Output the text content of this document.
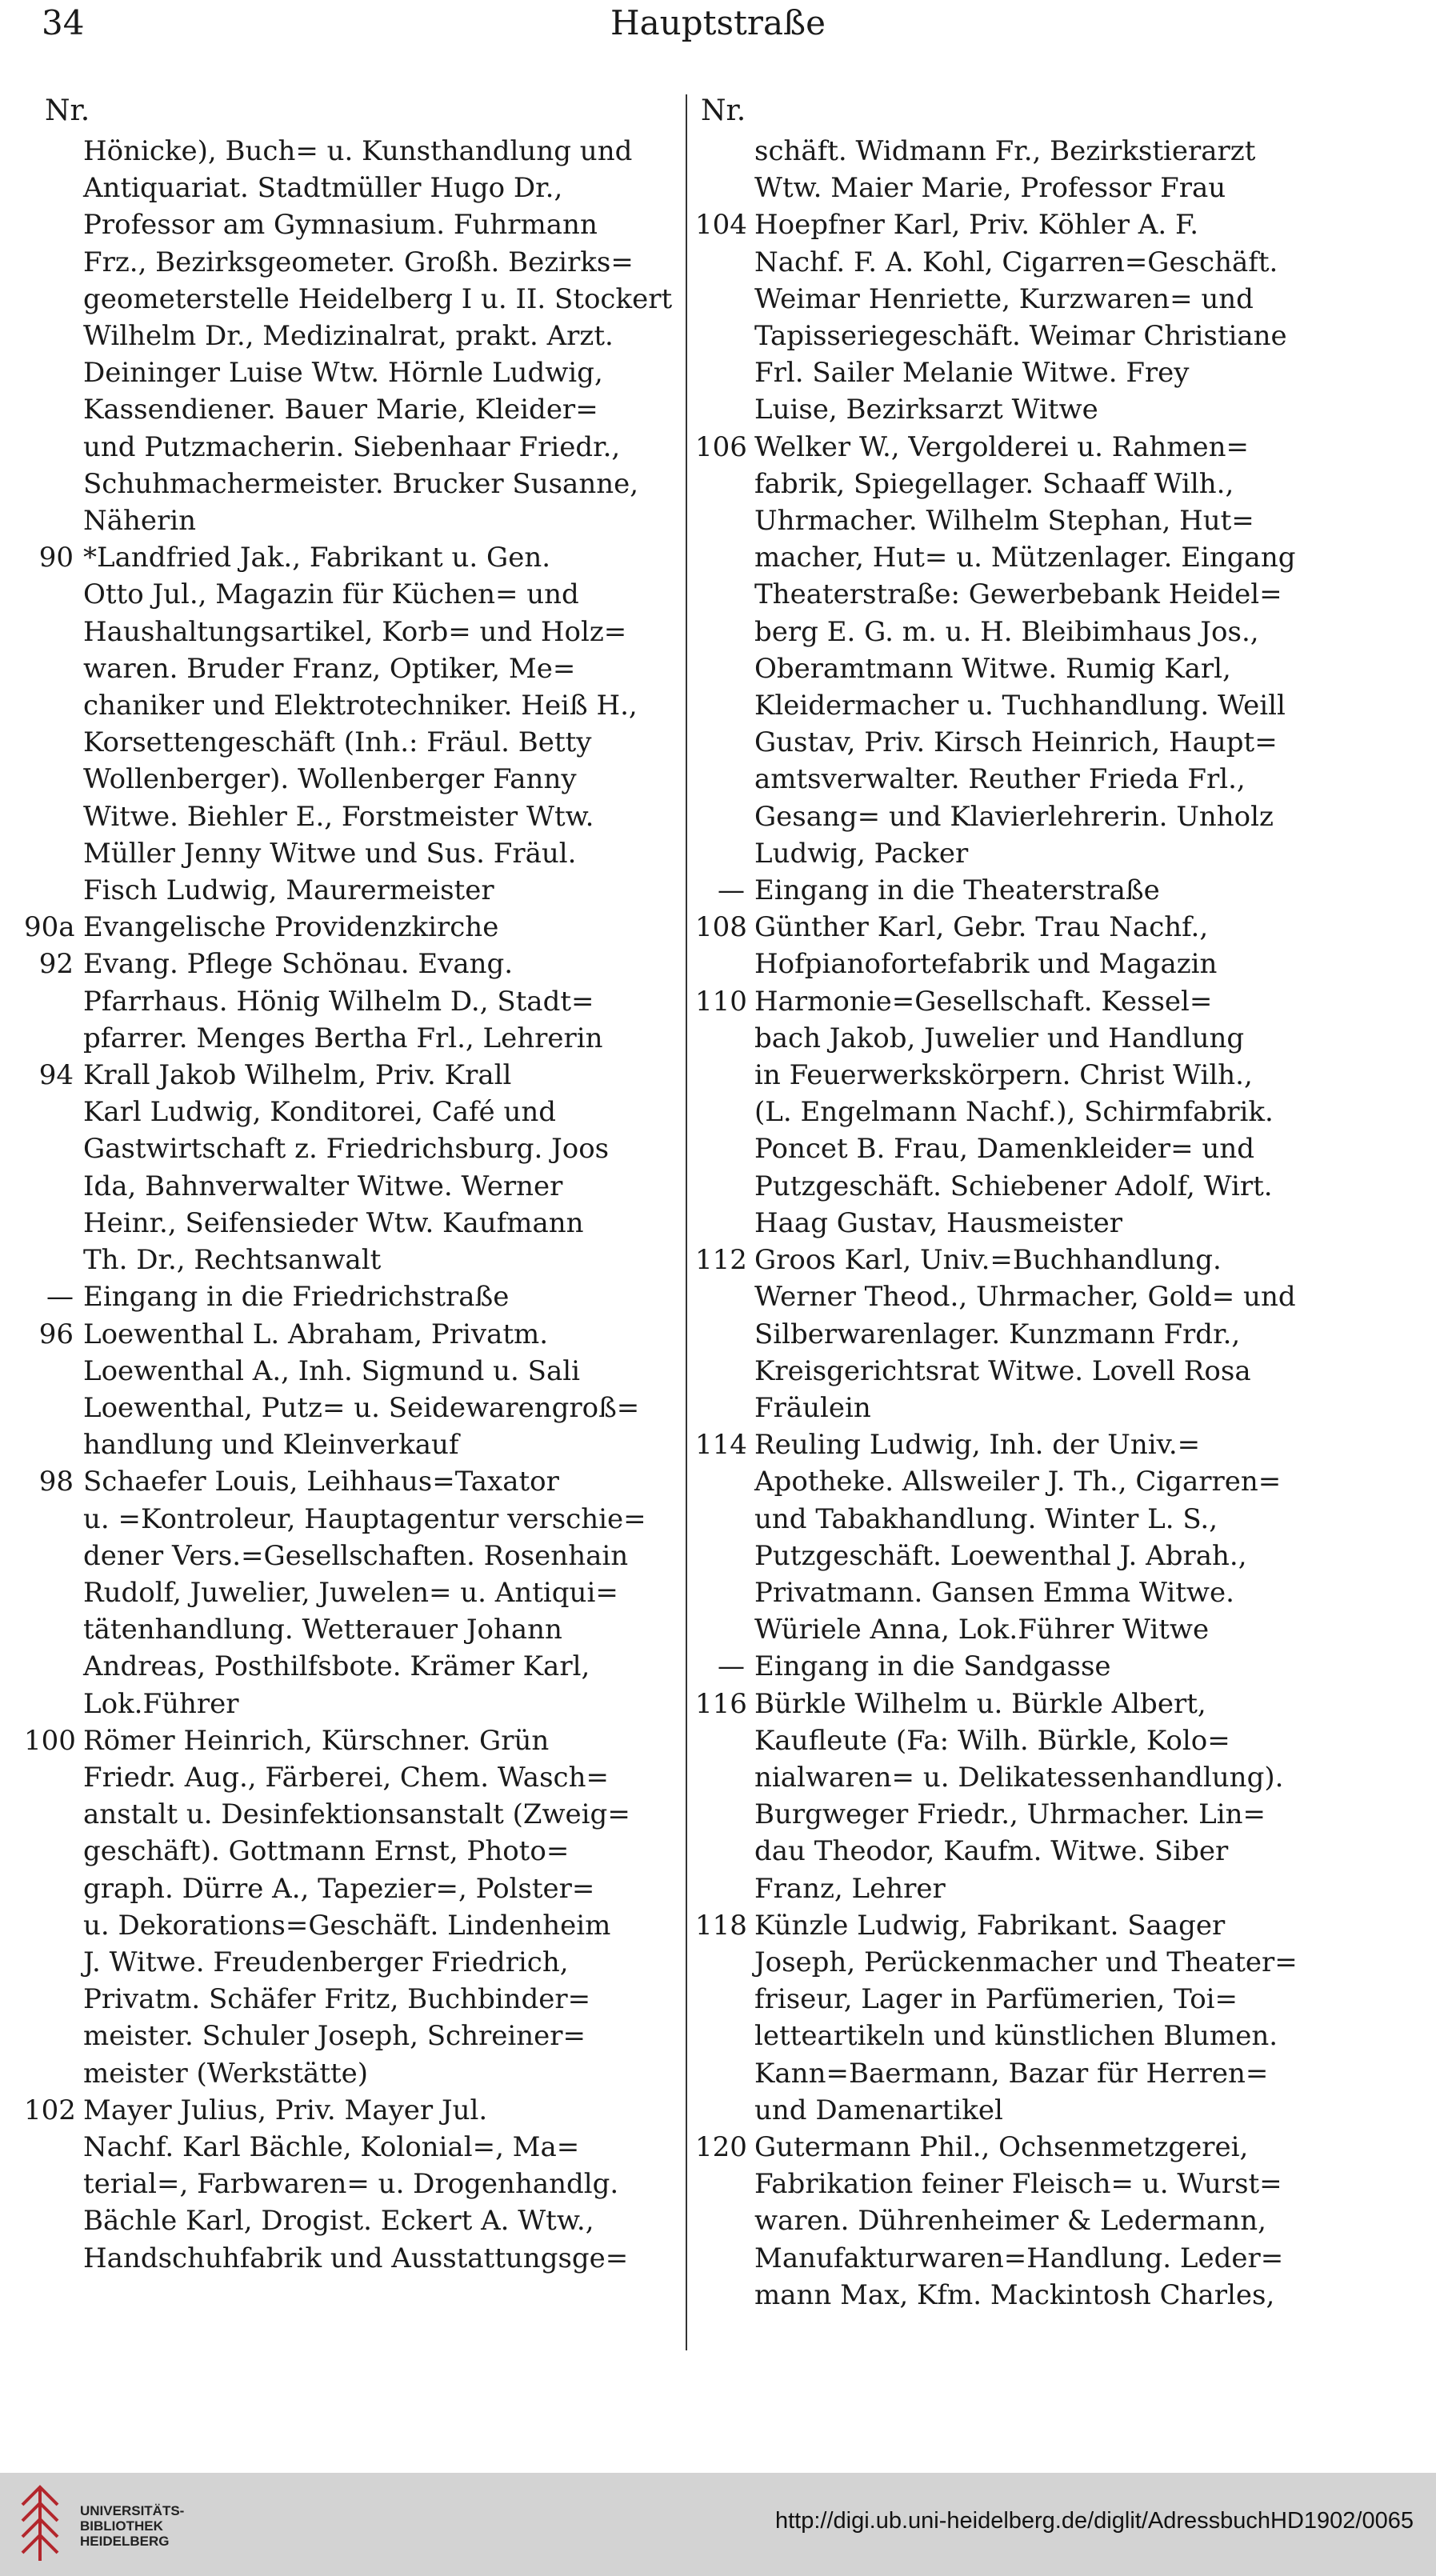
34	Hauptstraße
Nr.	Nr.
Hönicke), Buch= u. Kunsthandlung und
Antiquariat. Stadtmüller Hugo Dr.,
Professor am Gymnasium. Fuhrmann
Frz., Bezirksgeometer. Großh. Bezirks=
geometerstelle Heidelberg I u. II. Stockert
Wilhelm Dr., Medizinalrat, prakt. Arzt.
Deininger Luise Wtw. Hörnle Ludwig,
Kassendiener. Bauer Marie, Kleider=
und Putzmacherin. Siebenhaar Friedr.,
Schuhmachermeister. Brucker Susanne,
Näherin
90 *Landfried Jak., Fabrikant u. Gen.
Otto Jul., Magazin für Küchen= und
Haushaltungsartikel, Korb= und Holz=
waren. Bruder Franz, Optiker, Me=
chaniker und Elektrotechniker. Heiß H.,
Korsettengeschäft (Inh.: Fräul. Betty
Wollenberger). Wollenberger Fanny
Witwe. Biehler E., Forstmeister Wtw.
Müller Jenny Witwe und Sus. Fräul.
Fisch Ludwig, Maurermeister
90a Evangelische Providenzkirche
92 Evang. Pflege Schönau. Evang.
Pfarrhaus. Hönig Wilhelm D., Stadt=
pfarrer. Menges Bertha Frl., Lehrerin
94 Krall Jakob Wilhelm, Priv. Krall
Karl Ludwig, Konditorei, Café und
Gastwirtschaft z. Friedrichsburg. Joos
Ida, Bahnverwalter Witwe. Werner
Heinr., Seifensieder Wtw. Kaufmann
Th. Dr., Rechtsanwalt
— Eingang in die Friedrichstraße
96 Loewenthal L. Abraham, Privatm.
Loewenthal A., Inh. Sigmund u. Sali
Loewenthal, Putz= u. Seidewarengroß=
handlung und Kleinverkauf
98 Schaefer Louis, Leihhaus=Taxator
u. =Kontroleur, Hauptagentur verschie=
dener Vers.=Gesellschaften. Rosenhain
Rudolf, Juwelier, Juwelen= u. Antiqui=
tätenhandlung. Wetterauer Johann
Andreas, Posthilfsbote. Krämer Karl,
Lok.Führer
100 Römer Heinrich, Kürschner. Grün
Friedr. Aug., Färberei, Chem. Wasch=
anstalt u. Desinfektionsanstalt (Zweig=
geschäft). Gottmann Ernst, Photo=
graph. Dürre A., Tapezier=, Polster=
u. Dekorations=Geschäft. Lindenheim
J. Witwe. Freudenberger Friedrich,
Privatm. Schäfer Fritz, Buchbinder=
meister. Schuler Joseph, Schreiner=
meister (Werkstätte)
102 Mayer Julius, Priv. Mayer Jul.
Nachf. Karl Bächle, Kolonial=, Ma=
terial=, Farbwaren= u. Drogenhandlg.
Bächle Karl, Drogist. Eckert A. Wtw.,
Handschuhfabrik und Ausstattungsge=
schäft. Widmann Fr., Bezirkstierarzt
Wtw. Maier Marie, Professor Frau
104 Hoepfner Karl, Priv. Köhler A. F.
Nachf. F. A. Kohl, Cigarren=Geschäft.
Weimar Henriette, Kurzwaren= und
Tapisseriegeschäft. Weimar Christiane
Frl. Sailer Melanie Witwe. Frey
Luise, Bezirksarzt Witwe
106 Welker W., Vergolderei u. Rahmen=
fabrik, Spiegellager. Schaaff Wilh.,
Uhrmacher. Wilhelm Stephan, Hut=
macher, Hut= u. Mützenlager. Eingang
Theaterstraße: Gewerbebank Heidel=
berg E. G. m. u. H. Bleibimhaus Jos.,
Oberamtmann Witwe. Rumig Karl,
Kleidermacher u. Tuchhandlung. Weill
Gustav, Priv. Kirsch Heinrich, Haupt=
amtsverwalter. Reuther Frieda Frl.,
Gesang= und Klavierlehrerin. Unholz
Ludwig, Packer
— Eingang in die Theaterstraße
108 Günther Karl, Gebr. Trau Nachf.,
Hofpianofortefabrik und Magazin
110 Harmonie=Gesellschaft. Kessel=
bach Jakob, Juwelier und Handlung
in Feuerwerkskörpern. Christ Wilh.,
(L. Engelmann Nachf.), Schirmfabrik.
Poncet B. Frau, Damenkleider= und
Putzgeschäft. Schiebener Adolf, Wirt.
Haag Gustav, Hausmeister
112 Groos Karl, Univ.=Buchhandlung.
Werner Theod., Uhrmacher, Gold= und
Silberwarenlager. Kunzmann Frdr.,
Kreisgerichtsrat Witwe. Lovell Rosa
Fräulein
114 Reuling Ludwig, Inh. der Univ.=
Apotheke. Allsweiler J. Th., Cigarren=
und Tabakhandlung. Winter L. S.,
Putzgeschäft. Loewenthal J. Abrah.,
Privatmann. Gansen Emma Witwe.
Würiele Anna, Lok.Führer Witwe
— Eingang in die Sandgasse
116 Bürkle Wilhelm u. Bürkle Albert,
Kaufleute (Fa: Wilh. Bürkle, Kolo=
nialwaren= u. Delikatessenhandlung).
Burgweger Friedr., Uhrmacher. Lin=
dau Theodor, Kaufm. Witwe. Siber
Franz, Lehrer
118 Künzle Ludwig, Fabrikant. Saager
Joseph, Perückenmacher und Theater=
friseur, Lager in Parfümerien, Toi=
letteartikeln und künstlichen Blumen.
Kann=Baermann, Bazar für Herren=
und Damenartikel
120 Gutermann Phil., Ochsenmetzgerei,
Fabrikation feiner Fleisch= u. Wurst=
waren. Dührenheimer & Ledermann,
Manufakturwaren=Handlung. Leder=
mann Max, Kfm. Mackintosh Charles,
UNIVERSITÄTS-
BIBLIOTHEK
HEIDELBERG
http://digi.ub.uni-heidelberg.de/diglit/AdressbuchHD1902/0065
